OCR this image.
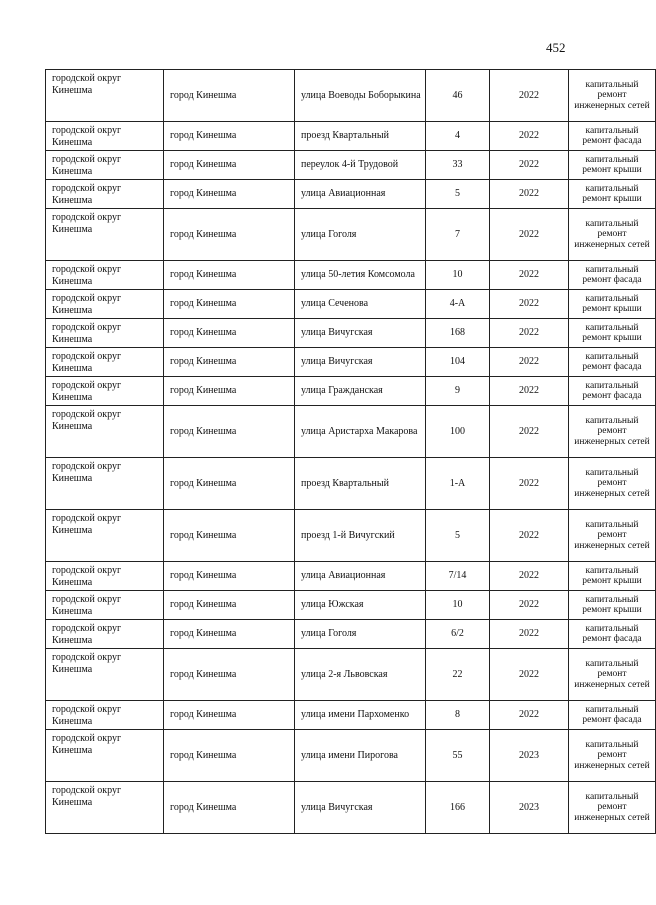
452
городской округ Кинешма	город Кинешма	улица Воеводы Боборыкина	46	2022	капитальный ремонт инженерных сетей
городской округ Кинешма	город Кинешма	проезд Квартальный	4	2022	капитальный ремонт фасада
городской округ Кинешма	город Кинешма	переулок 4-й Трудовой	33	2022	капитальный ремонт крыши
городской округ Кинешма	город Кинешма	улица Авиационная	5	2022	капитальный ремонт крыши
городской округ Кинешма	город Кинешма	улица Гоголя	7	2022	капитальный ремонт инженерных сетей
городской округ Кинешма	город Кинешма	улица 50-летия Комсомола	10	2022	капитальный ремонт фасада
городской округ Кинешма	город Кинешма	улица Сеченова	4-А	2022	капитальный ремонт крыши
городской округ Кинешма	город Кинешма	улица Вичугская	168	2022	капитальный ремонт крыши
городской округ Кинешма	город Кинешма	улица Вичугская	104	2022	капитальный ремонт фасада
городской округ Кинешма	город Кинешма	улица Гражданская	9	2022	капитальный ремонт фасада
городской округ Кинешма	город Кинешма	улица Аристарха Макарова	100	2022	капитальный ремонт инженерных сетей
городской округ Кинешма	город Кинешма	проезд Квартальный	1-А	2022	капитальный ремонт инженерных сетей
городской округ Кинешма	город Кинешма	проезд 1-й Вичугский	5	2022	капитальный ремонт инженерных сетей
городской округ Кинешма	город Кинешма	улица Авиационная	7/14	2022	капитальный ремонт крыши
городской округ Кинешма	город Кинешма	улица Южская	10	2022	капитальный ремонт крыши
городской округ Кинешма	город Кинешма	улица Гоголя	6/2	2022	капитальный ремонт фасада
городской округ Кинешма	город Кинешма	улица 2-я Львовская	22	2022	капитальный ремонт инженерных сетей
городской округ Кинешма	город Кинешма	улица имени Пархоменко	8	2022	капитальный ремонт фасада
городской округ Кинешма	город Кинешма	улица имени Пирогова	55	2023	капитальный ремонт инженерных сетей
городской округ Кинешма	город Кинешма	улица Вичугская	166	2023	капитальный ремонт инженерных сетей
